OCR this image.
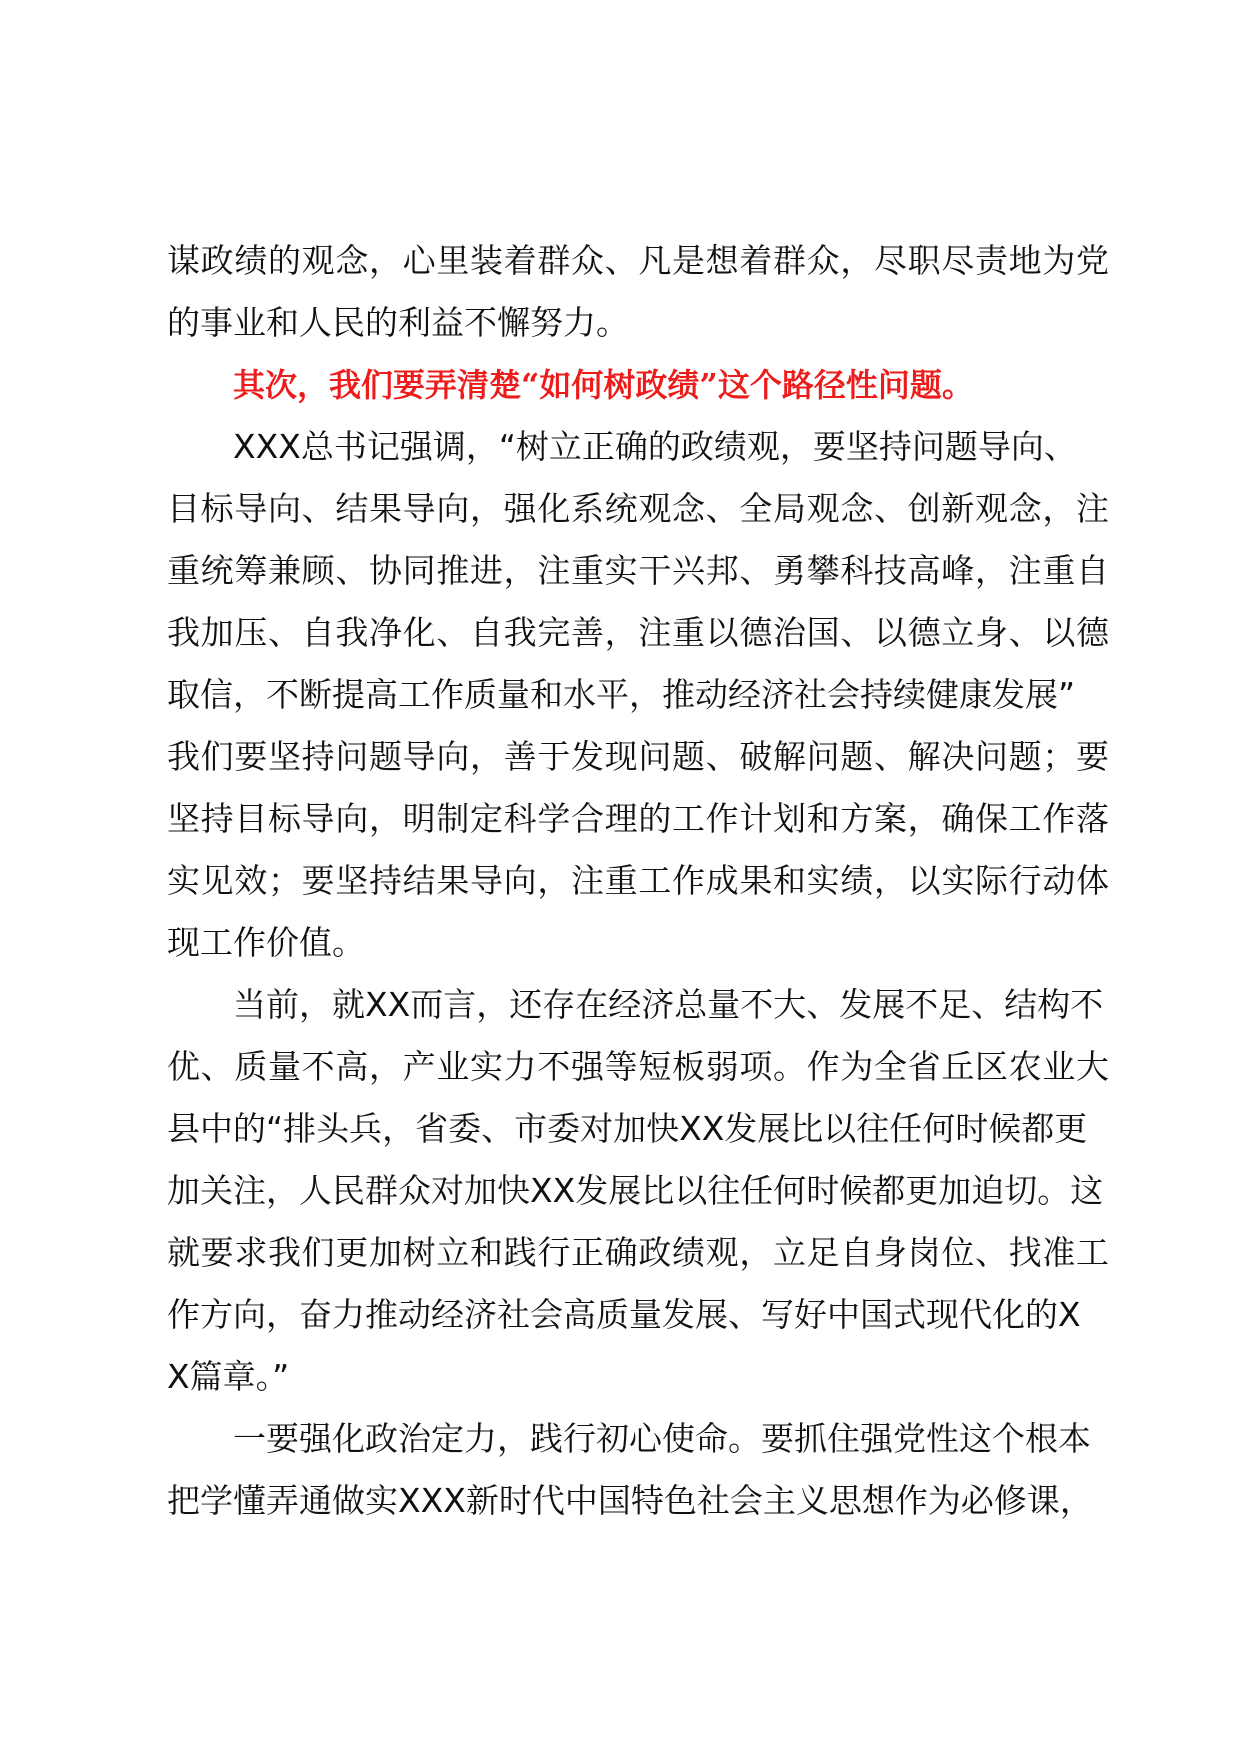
谋政绩的观念，心里装着群众、凡是想着群众，尽职尽责地为党
的事业和人民的利益不懈努力。
其次，我们要弄清楚“如何树政绩”这个路径性问题。
XXX总书记强调，“树立正确的政绩观，要坚持问题导向、
目标导向、结果导向，强化系统观念、全局观念、创新观念，注
重统筹兼顾、协同推进，注重实干兴邦、勇攀科技高峰，注重自
我加压、自我净化、自我完善，注重以德治国、以德立身、以德
取信，不断提高工作质量和水平，推动经济社会持续健康发展”
我们要坚持问题导向，善于发现问题、破解问题、解决问题；要
坚持目标导向，明制定科学合理的工作计划和方案，确保工作落
实见效；要坚持结果导向，注重工作成果和实绩，以实际行动体
现工作价值。
当前，就XX而言，还存在经济总量不大、发展不足、结构不
优、质量不高，产业实力不强等短板弱项。作为全省丘区农业大
县中的“排头兵，省委、市委对加快XX发展比以往任何时候都更
加关注，人民群众对加快XX发展比以往任何时候都更加迫切。这
就要求我们更加树立和践行正确政绩观，立足自身岗位、找准工
作方向，奋力推动经济社会高质量发展、写好中国式现代化的X
X篇章。”
一要强化政治定力，践行初心使命。要抓住强党性这个根本
把学懂弄通做实XXX新时代中国特色社会主义思想作为必修课，
